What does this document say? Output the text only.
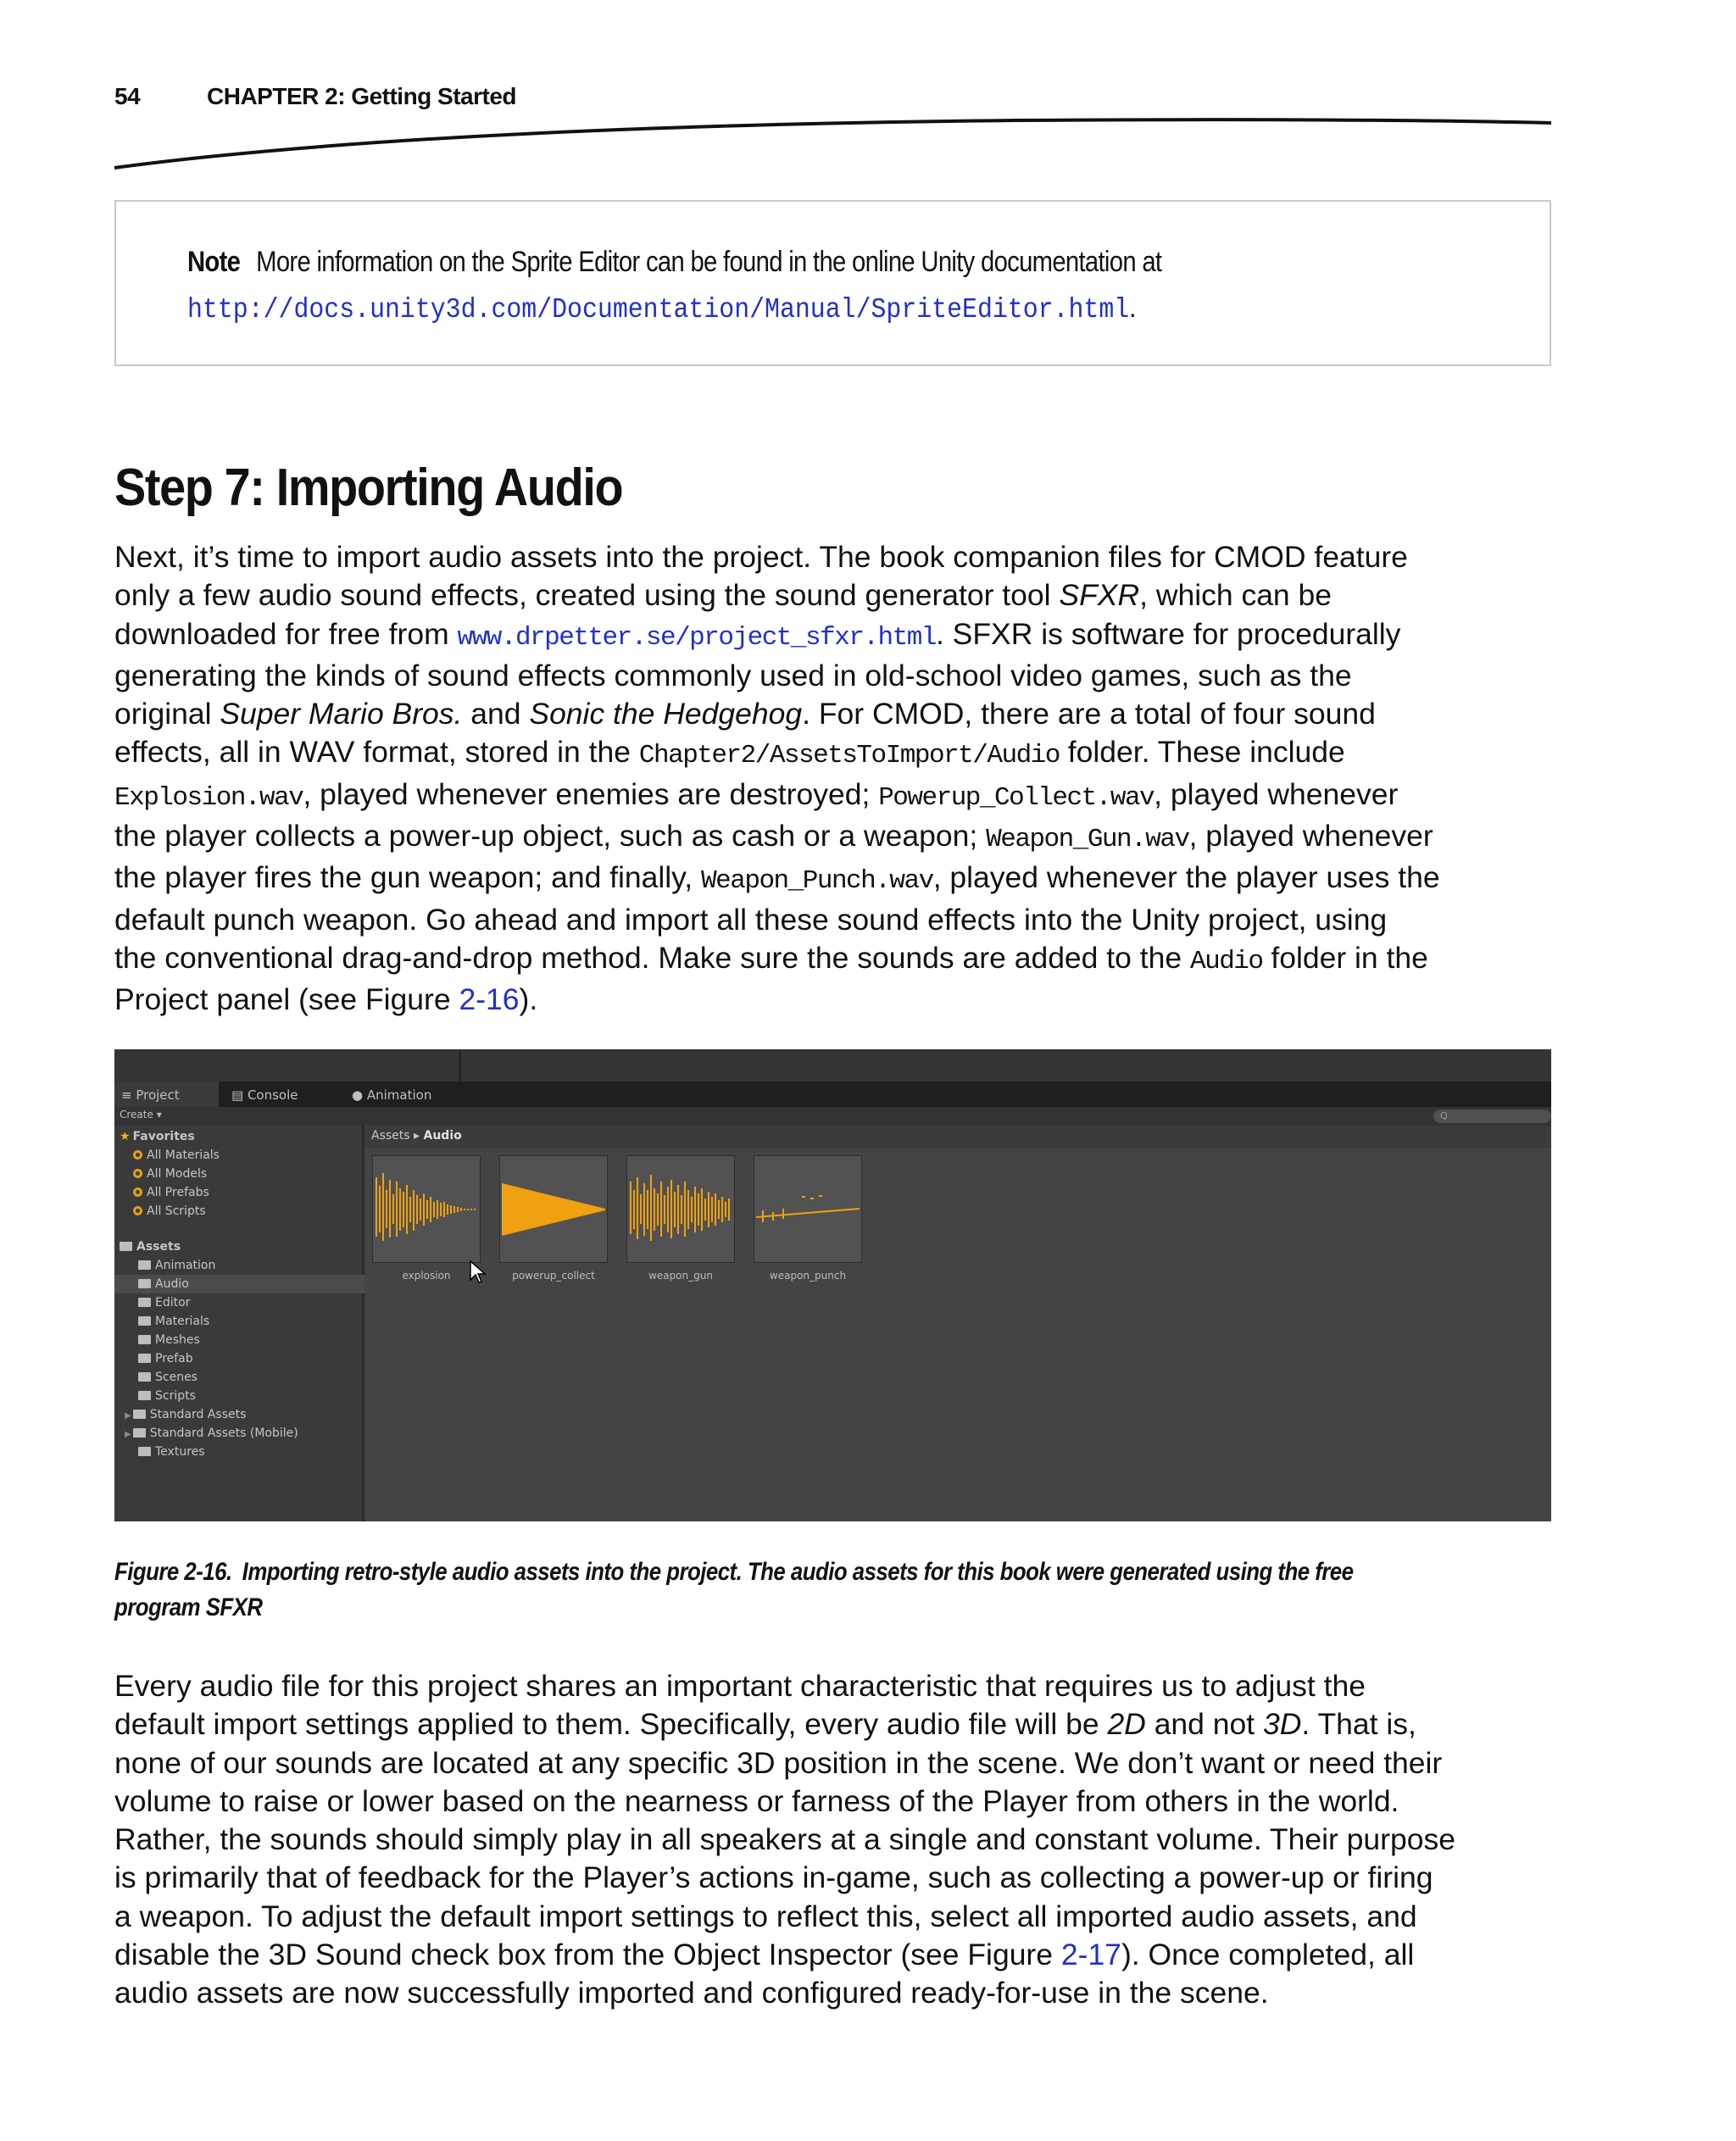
54	CHAPTER 2: Getting Started
Note More information on the Sprite Editor can be found in the online Unity documentation at
http://docs.unity3d.com/Documentation/Manual/SpriteEditor.html.
Step 7: Importing Audio
Next, it’s time to import audio assets into the project. The book companion files for CMOD feature
only a few audio sound effects, created using the sound generator tool SFXR, which can be
downloaded for free from www.drpetter.se/project_sfxr.html. SFXR is software for procedurally
generating the kinds of sound effects commonly used in old-school video games, such as the
original Super Mario Bros. and Sonic the Hedgehog. For CMOD, there are a total of four sound
effects, all in WAV format, stored in the Chapter2/AssetsToImport/Audio folder. These include
Explosion.wav, played whenever enemies are destroyed; Powerup_Collect.wav, played whenever
the player collects a power-up object, such as cash or a weapon; Weapon_Gun.wav, played whenever
the player fires the gun weapon; and finally, Weapon_Punch.wav, played whenever the player uses the
default punch weapon. Go ahead and import all these sound effects into the Unity project, using
the conventional drag-and-drop method. Make sure the sounds are added to the Audio folder in the
Project panel (see Figure 2-16).
≡ Project	▤ Console	● Animation
Create ▾	Q
★ Favorites
All Materials
All Models
All Prefabs
All Scripts
Assets
Animation
Audio
Editor
Materials
Meshes
Prefab
Scenes
Scripts
▶ Standard Assets
▶ Standard Assets (Mobile)
Textures
Assets ▸ Audio
explosion	powerup_collect	weapon_gun	weapon_punch
Figure 2-16. Importing retro-style audio assets into the project. The audio assets for this book were generated using the free
program SFXR
Every audio file for this project shares an important characteristic that requires us to adjust the
default import settings applied to them. Specifically, every audio file will be 2D and not 3D. That is,
none of our sounds are located at any specific 3D position in the scene. We don’t want or need their
volume to raise or lower based on the nearness or farness of the Player from others in the world.
Rather, the sounds should simply play in all speakers at a single and constant volume. Their purpose
is primarily that of feedback for the Player’s actions in-game, such as collecting a power-up or firing
a weapon. To adjust the default import settings to reflect this, select all imported audio assets, and
disable the 3D Sound check box from the Object Inspector (see Figure 2-17). Once completed, all
audio assets are now successfully imported and configured ready-for-use in the scene.
